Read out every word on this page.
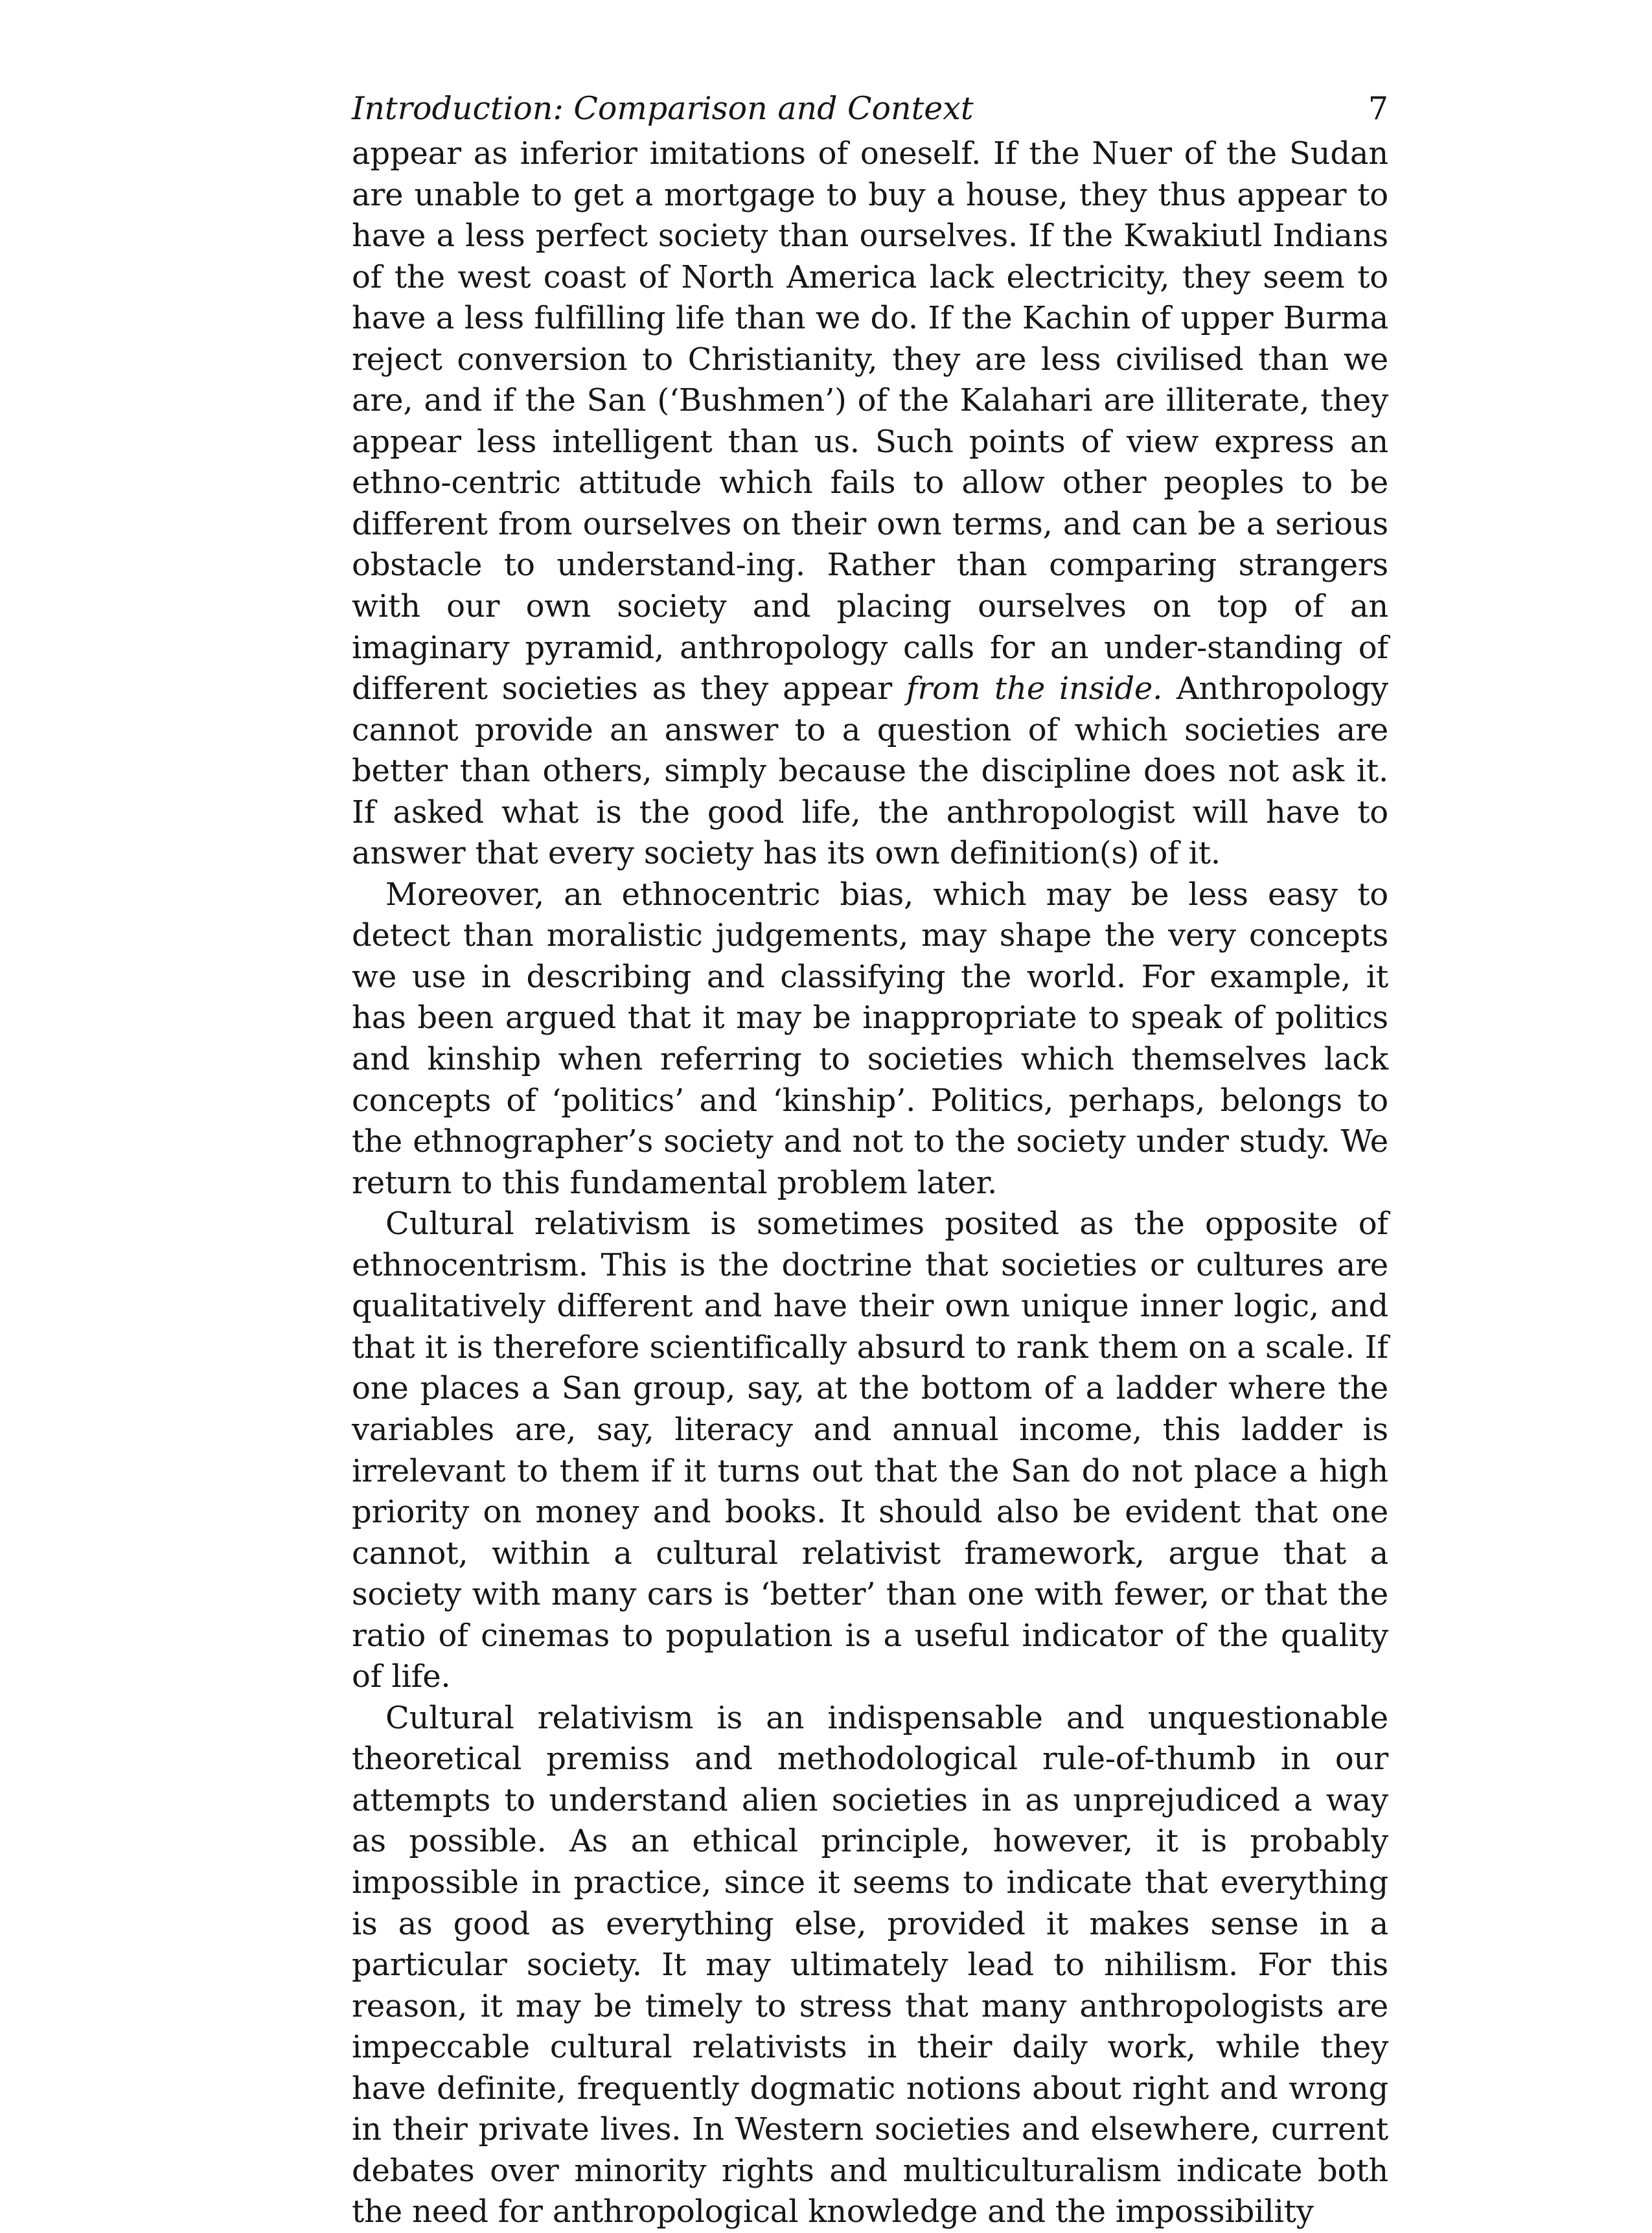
Introduction: Comparison and Context	7

appear as inferior imitations of oneself. If the Nuer of the Sudan are unable to get a mortgage to buy a house, they thus appear to have a less perfect society than ourselves. If the Kwakiutl Indians of the west coast of North America lack electricity, they seem to have a less fulfilling life than we do. If the Kachin of upper Burma reject conversion to Christianity, they are less civilised than we are, and if the San (‘Bushmen’) of the Kalahari are illiterate, they appear less intelligent than us. Such points of view express an ethno-centric attitude which fails to allow other peoples to be different from ourselves on their own terms, and can be a serious obstacle to understand-ing. Rather than comparing strangers with our own society and placing ourselves on top of an imaginary pyramid, anthropology calls for an under-standing of different societies as they appear from the inside. Anthropology cannot provide an answer to a question of which societies are better than others, simply because the discipline does not ask it. If asked what is the good life, the anthropologist will have to answer that every society has its own definition(s) of it.

Moreover, an ethnocentric bias, which may be less easy to detect than moralistic judgements, may shape the very concepts we use in describing and classifying the world. For example, it has been argued that it may be inappropriate to speak of politics and kinship when referring to societies which themselves lack concepts of ‘politics’ and ‘kinship’. Politics, perhaps, belongs to the ethnographer’s society and not to the society under study. We return to this fundamental problem later.

Cultural relativism is sometimes posited as the opposite of ethnocentrism. This is the doctrine that societies or cultures are qualitatively different and have their own unique inner logic, and that it is therefore scientifically absurd to rank them on a scale. If one places a San group, say, at the bottom of a ladder where the variables are, say, literacy and annual income, this ladder is irrelevant to them if it turns out that the San do not place a high priority on money and books. It should also be evident that one cannot, within a cultural relativist framework, argue that a society with many cars is ‘better’ than one with fewer, or that the ratio of cinemas to population is a useful indicator of the quality of life.

Cultural relativism is an indispensable and unquestionable theoretical premiss and methodological rule-of-thumb in our attempts to understand alien societies in as unprejudiced a way as possible. As an ethical principle, however, it is probably impossible in practice, since it seems to indicate that everything is as good as everything else, provided it makes sense in a particular society. It may ultimately lead to nihilism. For this reason, it may be timely to stress that many anthropologists are impeccable cultural relativists in their daily work, while they have definite, frequently dogmatic notions about right and wrong in their private lives. In Western societies and elsewhere, current debates over minority rights and multiculturalism indicate both the need for anthropological knowledge and the impossibility
